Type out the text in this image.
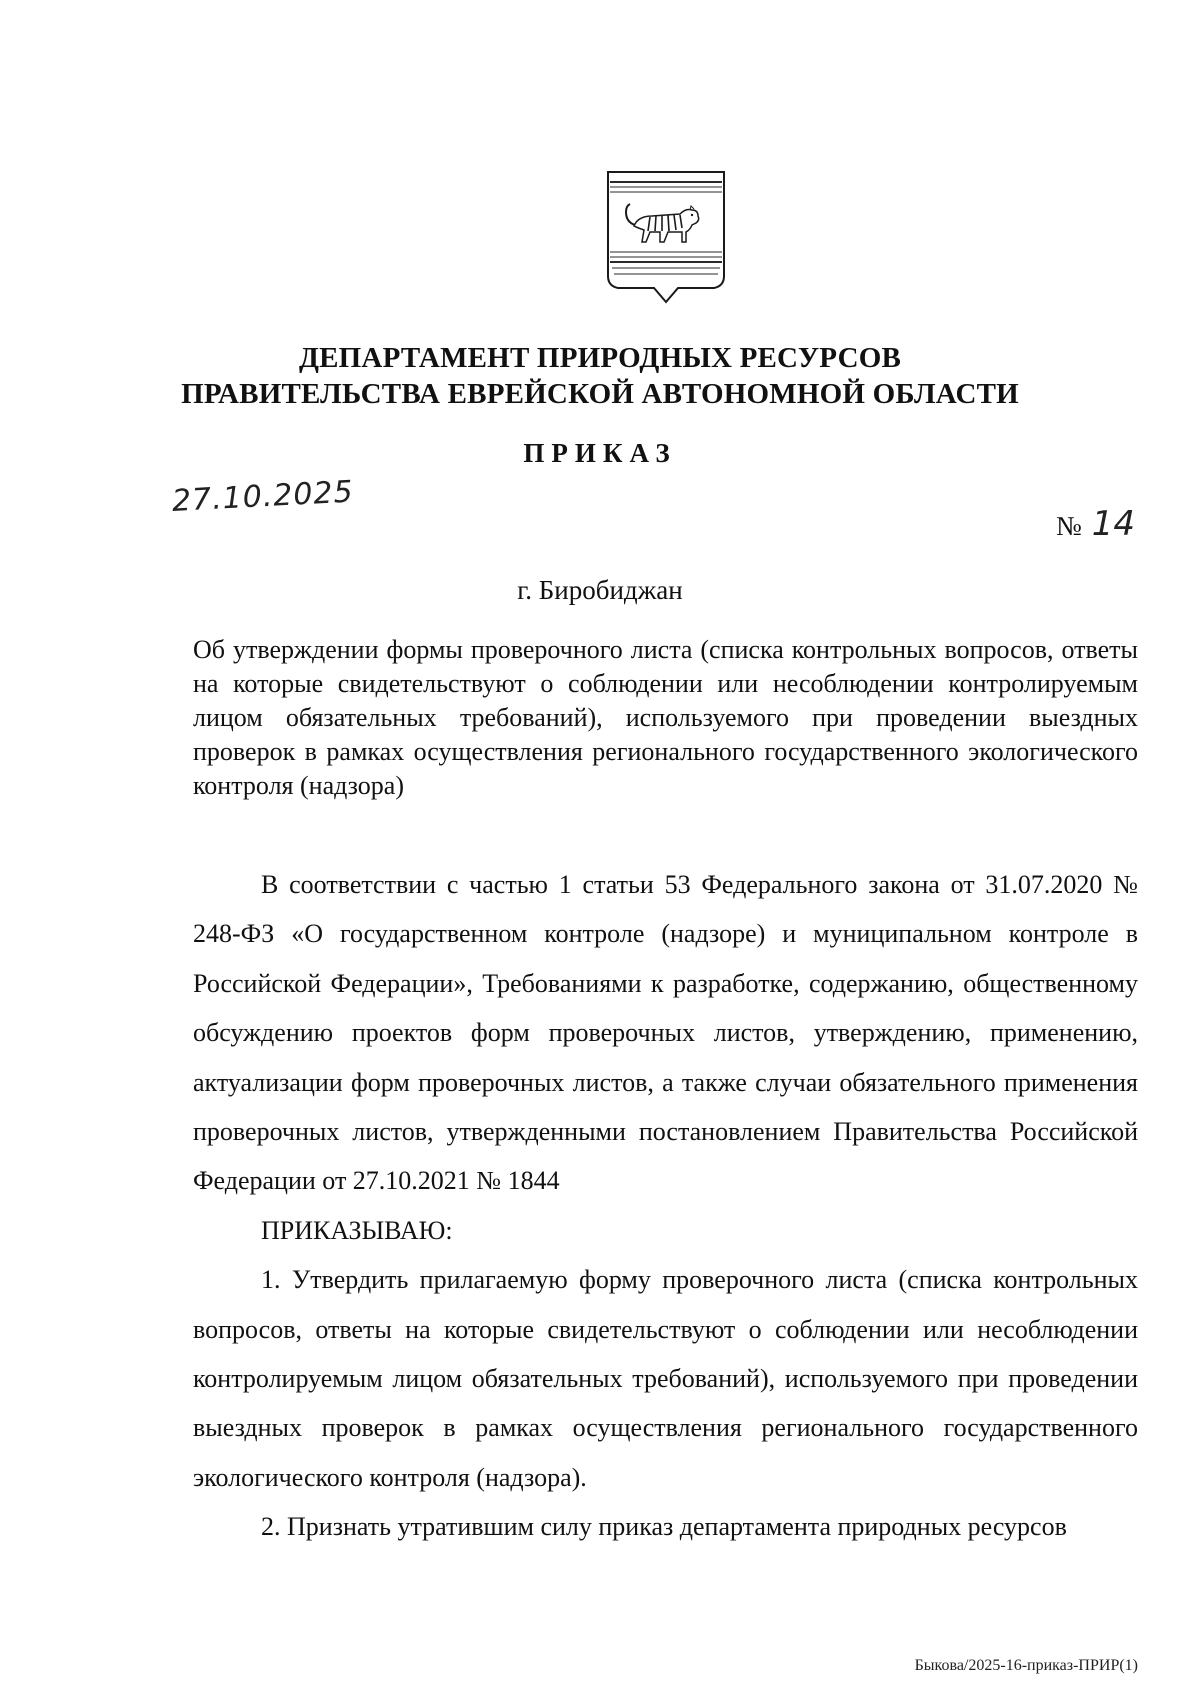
ДЕПАРТАМЕНТ ПРИРОДНЫХ РЕСУРСОВ
ПРАВИТЕЛЬСТВА ЕВРЕЙСКОЙ АВТОНОМНОЙ ОБЛАСТИ
ПРИКАЗ
27.10.2025
№ 14
г. Биробиджан
Об утверждении формы проверочного листа (списка контрольных вопросов, ответы на которые свидетельствуют о соблюдении или несоблюдении контролируемым лицом обязательных требований), используемого при проведении выездных проверок в рамках осуществления регионального государственного экологического контроля (надзора)

В соответствии с частью 1 статьи 53 Федерального закона от 31.07.2020 № 248-ФЗ «О государственном контроле (надзоре) и муниципальном контроле в Российской Федерации», Требованиями к разработке, содержанию, общественному обсуждению проектов форм проверочных листов, утверждению, применению, актуализации форм проверочных листов, а также случаи обязательного применения проверочных листов, утвержденными постановлением Правительства Российской Федерации от 27.10.2021 № 1844

ПРИКАЗЫВАЮ:

1. Утвердить прилагаемую форму проверочного листа (списка контрольных вопросов, ответы на которые свидетельствуют о соблюдении или несоблюдении контролируемым лицом обязательных требований), используемого при проведении выездных проверок в рамках осуществления регионального государственного экологического контроля (надзора).

2. Признать утратившим силу приказ департамента природных ресурсов

Быкова/2025-16-приказ-ПРИР(1)
